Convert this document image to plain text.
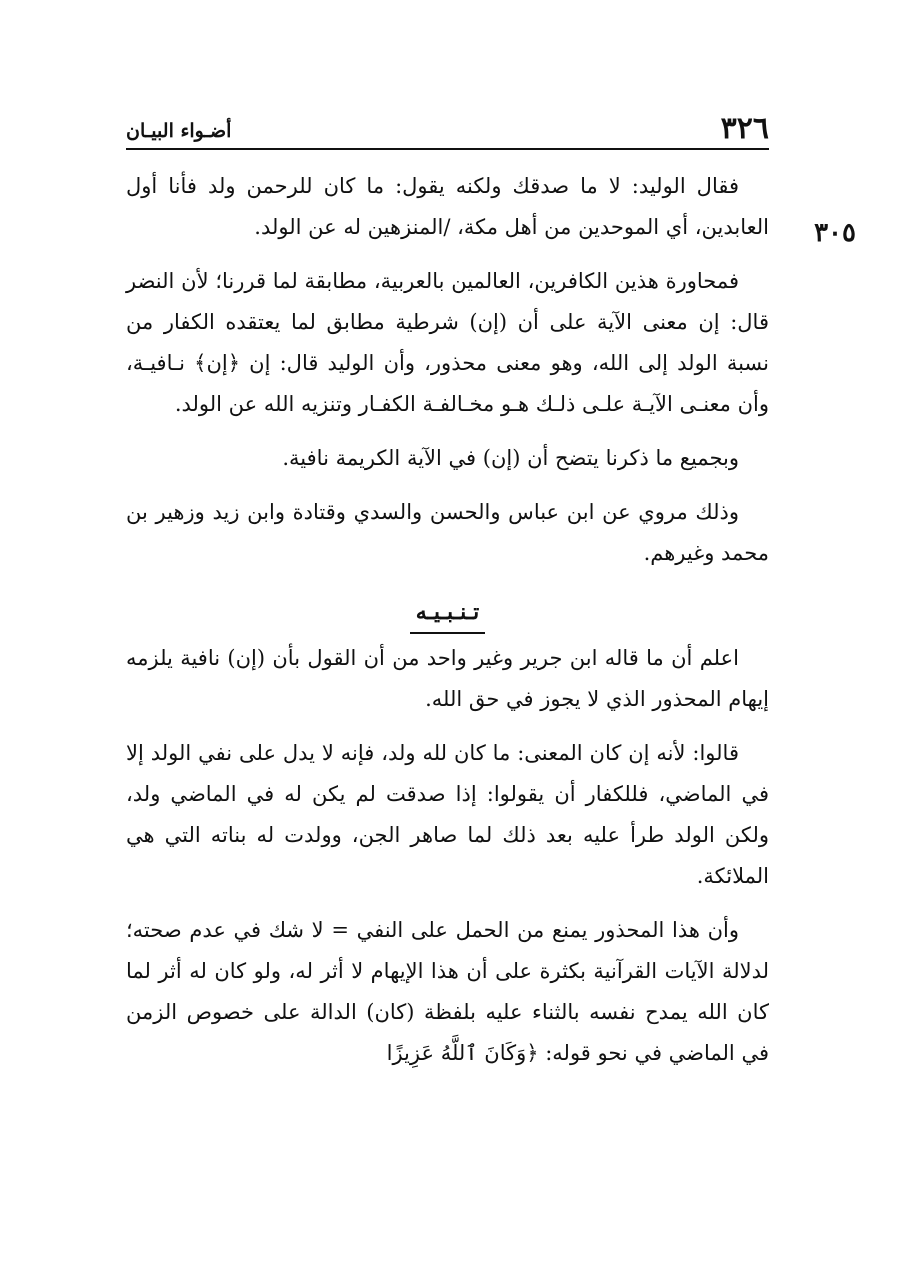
٣٢٦
أضـواء البيـان
٣٠٥

فقال الوليد: لا ما صدقك ولكنه يقول: ما كان للرحمن ولد فأنا أول العابدين، أي الموحدين من أهل مكة، /المنزهين له عن الولد.

فمحاورة هذين الكافرين، العالمين بالعربية، مطابقة لما قررنا؛ لأن النضر قال: إن معنى الآية على أن (إن) شرطية مطابق لما يعتقده الكفار من نسبة الولد إلى الله، وهو معنى محذور، وأن الوليد قال: إن ﴿إن﴾ نـافيـة، وأن معنـى الآيـة علـى ذلـك هـو مخـالفـة الكفـار وتنزيه الله عن الولد.

وبجميع ما ذكرنا يتضح أن (إن) في الآية الكريمة نافية.

وذلك مروي عن ابن عباس والحسن والسدي وقتادة وابن زيد وزهير بن محمد وغيرهم.

تـنـبـيـه

اعلم أن ما قاله ابن جرير وغير واحد من أن القول بأن (إن) نافية يلزمه إيهام المحذور الذي لا يجوز في حق الله.

قالوا: لأنه إن كان المعنى: ما كان لله ولد، فإنه لا يدل على نفي الولد إلا في الماضي، فللكفار أن يقولوا: إذا صدقت لم يكن له في الماضي ولد، ولكن الولد طرأ عليه بعد ذلك لما صاهر الجن، وولدت له بناته التي هي الملائكة.

وأن هذا المحذور يمنع من الحمل على النفي = لا شك في عدم صحته؛ لدلالة الآيات القرآنية بكثرة على أن هذا الإيهام لا أثر له، ولو كان له أثر لما كان الله يمدح نفسه بالثناء عليه بلفظة (كان) الدالة على خصوص الزمن في الماضي في نحو قوله: ﴿وَكَانَ ٱللَّهُ عَزِيزًا
